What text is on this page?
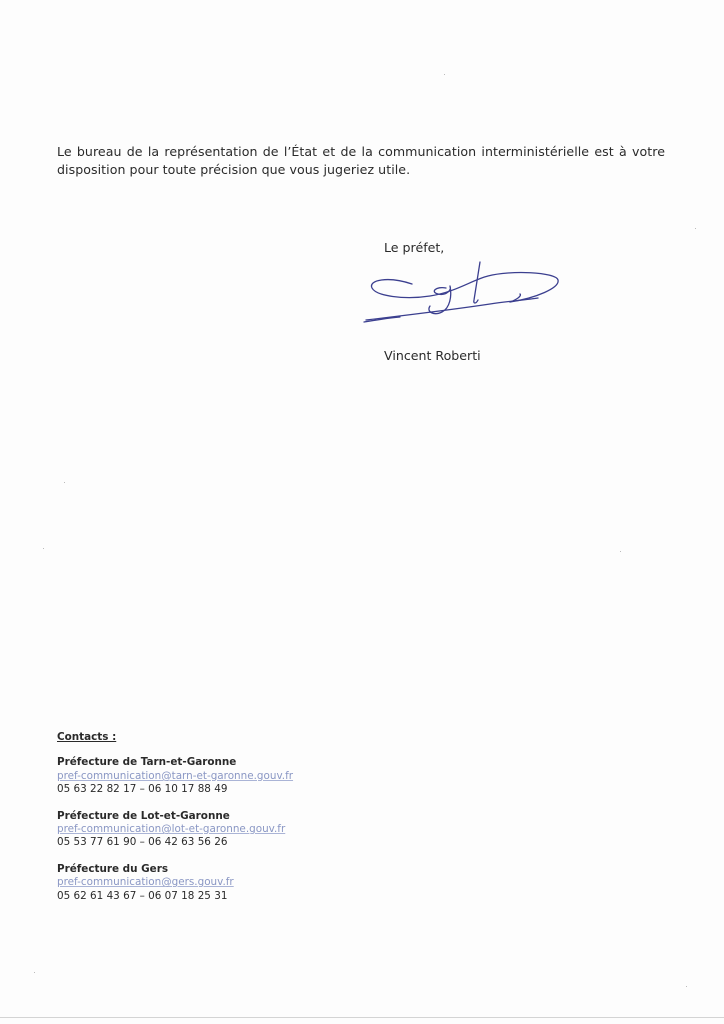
Le bureau de la représentation de l’État et de la communication interministérielle est à votre disposition pour toute précision que vous jugeriez utile.

Le préfet,
Vincent Roberti
Contacts :
Préfecture de Tarn-et-Garonne
pref-communication@tarn-et-garonne.gouv.fr
05 63 22 82 17 – 06 10 17 88 49
Préfecture de Lot-et-Garonne
pref-communication@lot-et-garonne.gouv.fr
05 53 77 61 90 – 06 42 63 56 26
Préfecture du Gers
pref-communication@gers.gouv.fr
05 62 61 43 67 – 06 07 18 25 31
